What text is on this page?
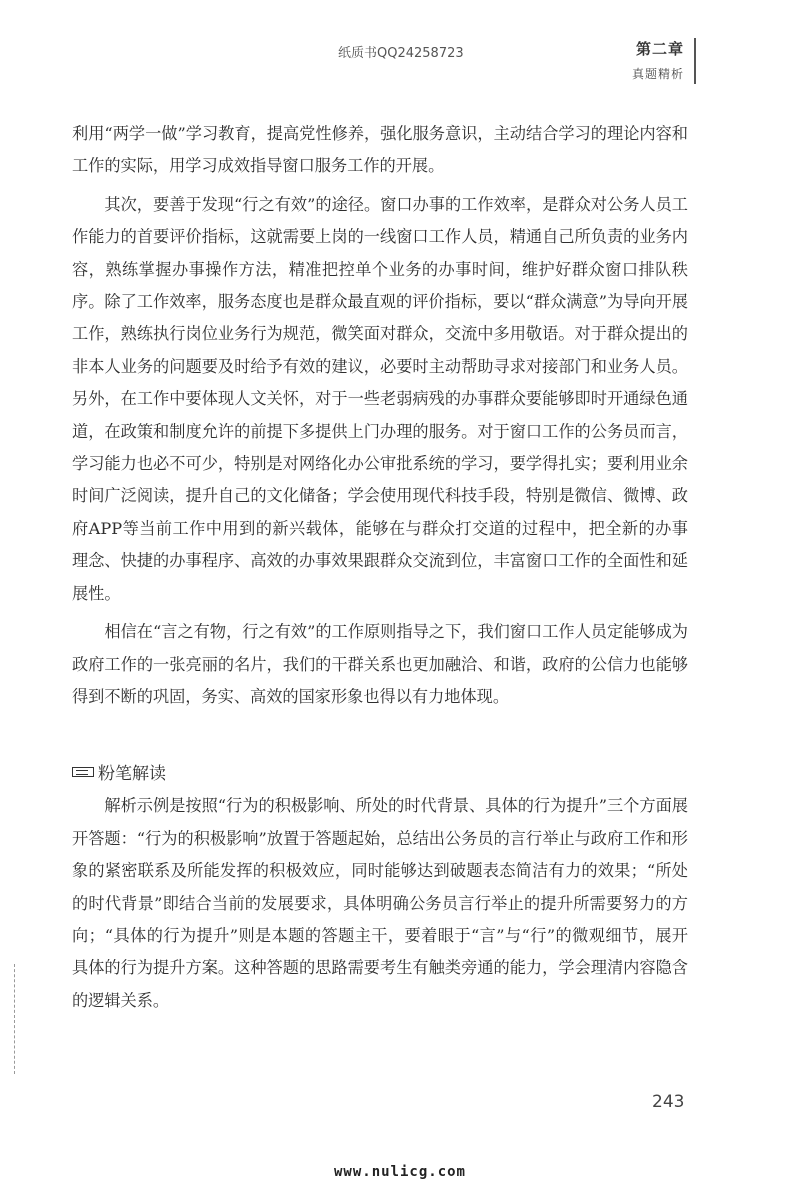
纸质书QQ24258723	第二章
真题精析

利用“两学一做”学习教育，提高党性修养，强化服务意识，主动结合学习的理论内容和工作的实际，用学习成效指导窗口服务工作的开展。

其次，要善于发现“行之有效”的途径。窗口办事的工作效率，是群众对公务人员工作能力的首要评价指标，这就需要上岗的一线窗口工作人员，精通自己所负责的业务内容，熟练掌握办事操作方法，精准把控单个业务的办事时间，维护好群众窗口排队秩序。除了工作效率，服务态度也是群众最直观的评价指标，要以“群众满意”为导向开展工作，熟练执行岗位业务行为规范，微笑面对群众，交流中多用敬语。对于群众提出的非本人业务的问题要及时给予有效的建议，必要时主动帮助寻求对接部门和业务人员。另外，在工作中要体现人文关怀，对于一些老弱病残的办事群众要能够即时开通绿色通道，在政策和制度允许的前提下多提供上门办理的服务。对于窗口工作的公务员而言，学习能力也必不可少，特别是对网络化办公审批系统的学习，要学得扎实；要利用业余时间广泛阅读，提升自己的文化储备；学会使用现代科技手段，特别是微信、微博、政府APP等当前工作中用到的新兴载体，能够在与群众打交道的过程中，把全新的办事理念、快捷的办事程序、高效的办事效果跟群众交流到位，丰富窗口工作的全面性和延展性。

相信在“言之有物，行之有效”的工作原则指导之下，我们窗口工作人员定能够成为政府工作的一张亮丽的名片，我们的干群关系也更加融洽、和谐，政府的公信力也能够得到不断的巩固，务实、高效的国家形象也得以有力地体现。

粉笔解读

解析示例是按照“行为的积极影响、所处的时代背景、具体的行为提升”三个方面展开答题：“行为的积极影响”放置于答题起始，总结出公务员的言行举止与政府工作和形象的紧密联系及所能发挥的积极效应，同时能够达到破题表态简洁有力的效果；“所处的时代背景”即结合当前的发展要求，具体明确公务员言行举止的提升所需要努力的方向；“具体的行为提升”则是本题的答题主干，要着眼于“言”与“行”的微观细节，展开具体的行为提升方案。这种答题的思路需要考生有触类旁通的能力，学会理清内容隐含的逻辑关系。

243
www.nulicg.com
